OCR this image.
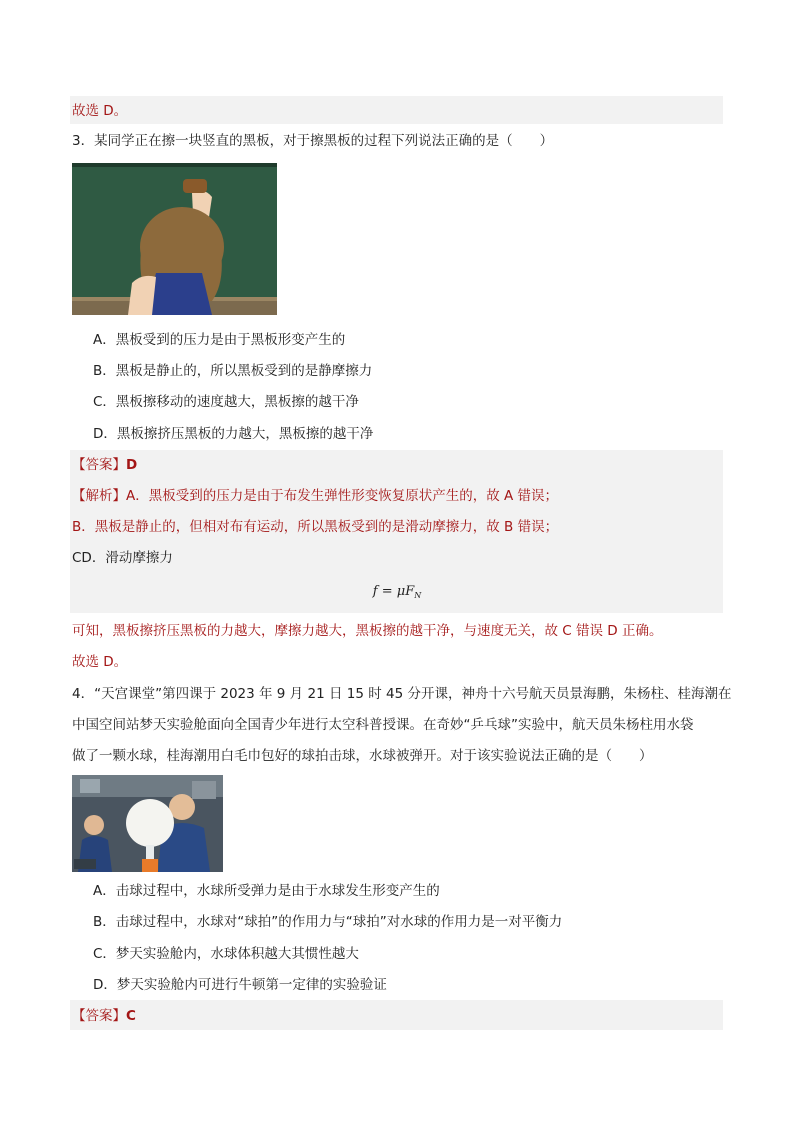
故选 D。
3．某同学正在擦一块竖直的黑板，对于擦黑板的过程下列说法正确的是（　　）
A．黑板受到的压力是由于黑板形变产生的
B．黑板是静止的，所以黑板受到的是静摩擦力
C．黑板擦移动的速度越大，黑板擦的越干净
D．黑板擦挤压黑板的力越大，黑板擦的越干净
【答案】D
【解析】A．黑板受到的压力是由于布发生弹性形变恢复原状产生的，故 A 错误；
B．黑板是静止的，但相对布有运动，所以黑板受到的是滑动摩擦力，故 B 错误；
CD．滑动摩擦力
$f = \mu F_N$
可知，黑板擦挤压黑板的力越大，摩擦力越大，黑板擦的越干净，与速度无关，故 C 错误 D 正确。
故选 D。
4．“天宫课堂”第四课于 2023 年 9 月 21 日 15 时 45 分开课，神舟十六号航天员景海鹏，朱杨柱、桂海潮在
中国空间站梦天实验舱面向全国青少年进行太空科普授课。在奇妙“乒乓球”实验中，航天员朱杨柱用水袋
做了一颗水球，桂海潮用白毛巾包好的球拍击球，水球被弹开。对于该实验说法正确的是（　　）
A．击球过程中，水球所受弹力是由于水球发生形变产生的
B．击球过程中，水球对“球拍”的作用力与“球拍”对水球的作用力是一对平衡力
C．梦天实验舱内，水球体积越大其惯性越大
D．梦天实验舱内可进行牛顿第一定律的实验验证
【答案】C
